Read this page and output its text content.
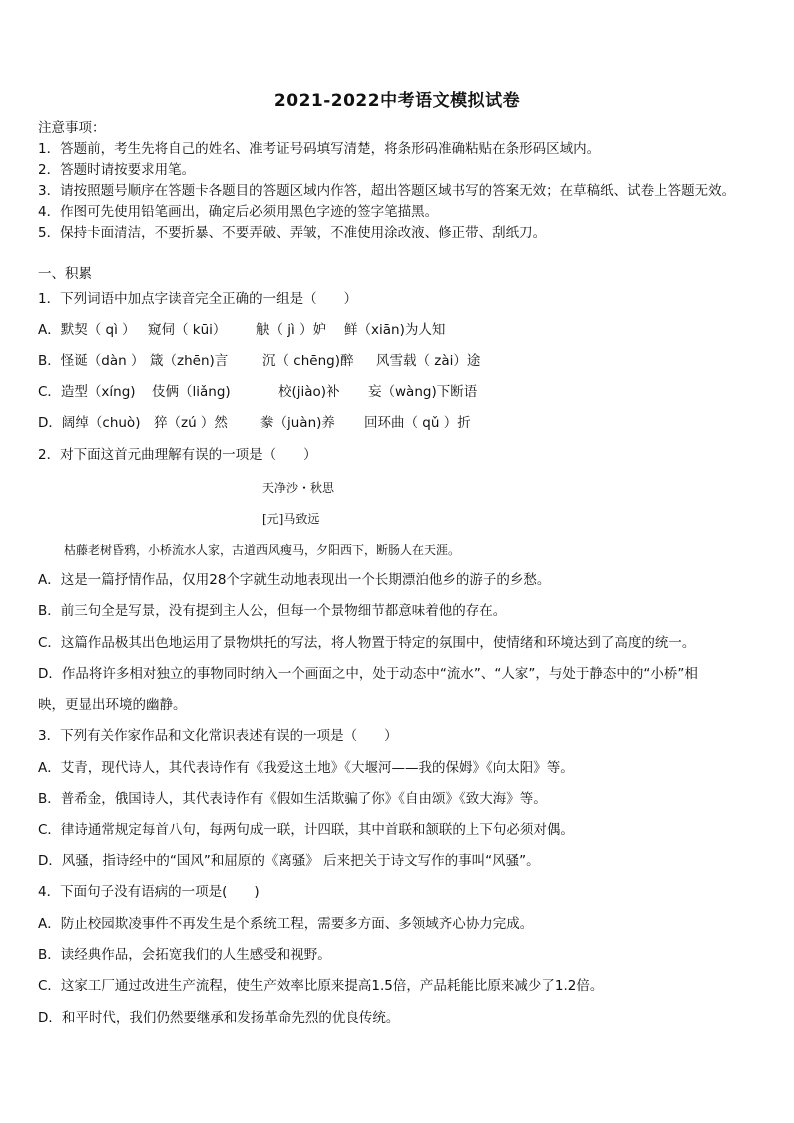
2021-2022中考语文模拟试卷
注意事项：
1．答题前，考生先将自己的姓名、准考证号码填写清楚，将条形码准确粘贴在条形码区域内。
2．答题时请按要求用笔。
3．请按照题号顺序在答题卡各题目的答题区域内作答，超出答题区域书写的答案无效；在草稿纸、试卷上答题无效。
4．作图可先使用铅笔画出，确定后必须用黑色字迹的签字笔描黑。
5．保持卡面清洁，不要折暴、不要弄破、弄皱，不准使用涂改液、修正带、刮纸刀。
一、积累
1．下列词语中加点字读音完全正确的一组是（　　）
A．默契（ qì ） 窥伺（ kūi） 觖（ jì ）妒 鲜（xiān)为人知
B．怪诞（dàn ） 箴（zhēn)言 沉（ chēng)醉 风雪载（ zài）途
C．造型（xíng) 伎俩（liǎng)	校(jiào)补 妄（wàng)下断语
D．阔绰（chuò) 猝（zú ）然 豢（juàn)养 回环曲（ qǔ ）折
2．对下面这首元曲理解有误的一项是（　　）
天净沙・秋思
[元]马致远
枯藤老树昏鸦，小桥流水人家，古道西风瘦马，夕阳西下，断肠人在天涯。
A．这是一篇抒情作品，仅用28个字就生动地表现出一个长期漂泊他乡的游子的乡愁。
B．前三句全是写景，没有提到主人公，但每一个景物细节都意味着他的存在。
C．这篇作品极其出色地运用了景物烘托的写法，将人物置于特定的氛围中，使情绪和环境达到了高度的统一。
D．作品将许多相对独立的事物同时纳入一个画面之中，处于动态中“流水”、“人家”，与处于静态中的“小桥”相
映，更显出环境的幽静。
3．下列有关作家作品和文化常识表述有误的一项是（　　）
A．艾青，现代诗人，其代表诗作有《我爱这土地》《大堰河——我的保姆》《向太阳》等。
B．普希金，俄国诗人，其代表诗作有《假如生活欺骗了你》《自由颂》《致大海》等。
C．律诗通常规定每首八句，每两句成一联，计四联，其中首联和颔联的上下句必须对偶。
D．风骚，指诗经中的“国风”和屈原的《离骚》 后来把关于诗文写作的事叫“风骚”。
4．下面句子没有语病的一项是(　　)
A．防止校园欺凌事件不再发生是个系统工程，需要多方面、多领域齐心协力完成。
B．读经典作品，会拓宽我们的人生感受和视野。
C．这家工厂通过改进生产流程，使生产效率比原来提高1.5倍，产品耗能比原来减少了1.2倍。
D．和平时代，我们仍然要继承和发扬革命先烈的优良传统。
